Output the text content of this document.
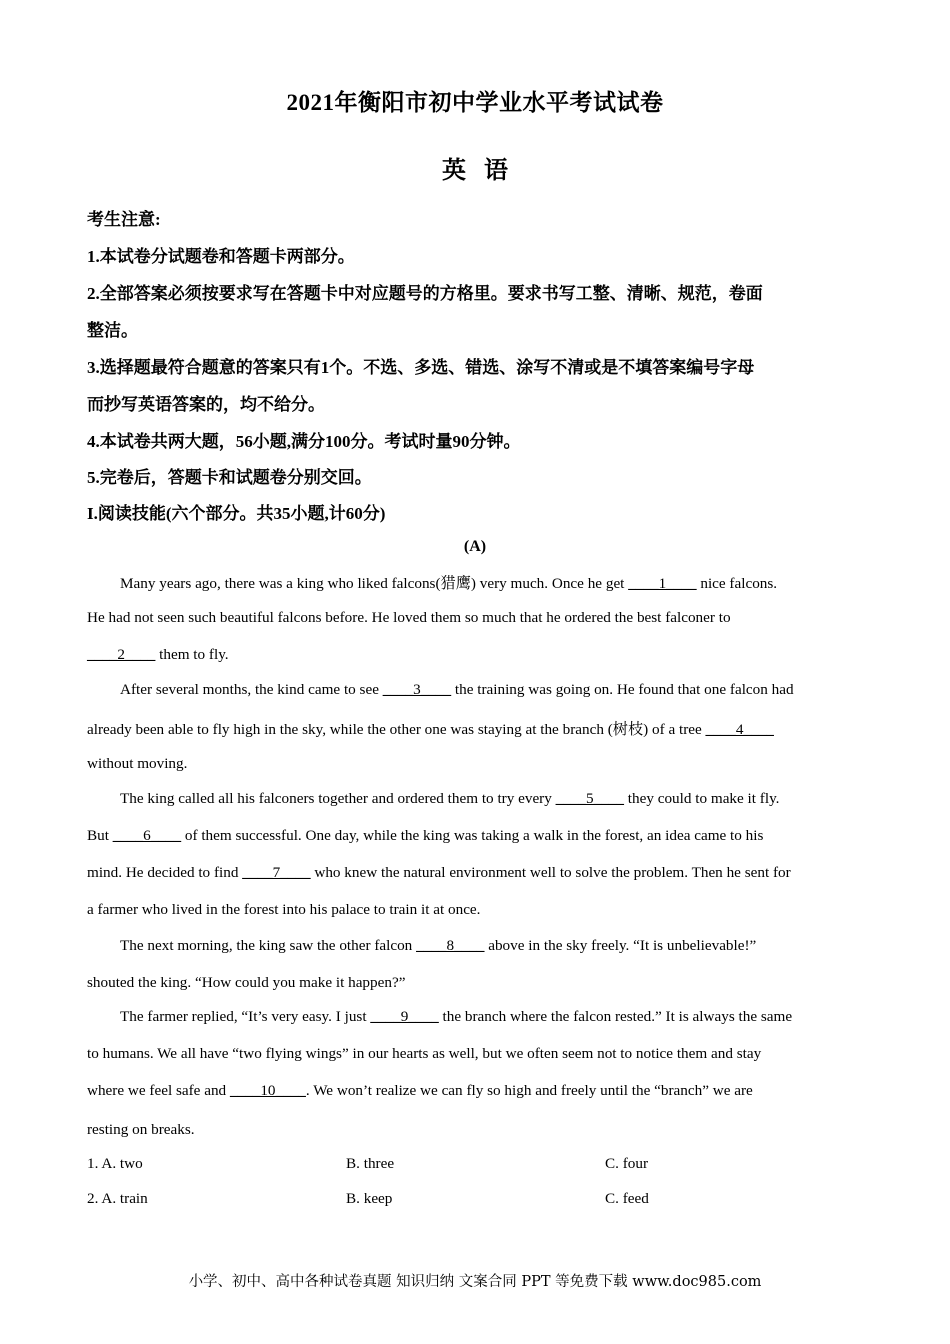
2021年衡阳市初中学业水平考试试卷
英语
考生注意:
1.本试卷分试题卷和答题卡两部分。
2.全部答案必须按要求写在答题卡中对应题号的方格里。要求书写工整、清晰、规范，卷面
整洁。
3.选择题最符合题意的答案只有1个。不选、多选、错选、涂写不清或是不填答案编号字母
而抄写英语答案的，均不给分。
4.本试卷共两大题，56小题,满分100分。考试时量90分钟。
5.完卷后，答题卡和试题卷分别交回。
I.阅读技能(六个部分。共35小题,计60分)
(A)
Many years ago, there was a king who liked falcons(猎鹰) very much. Once he get ____1____ nice falcons.
He had not seen such beautiful falcons before. He loved them so much that he ordered the best falconer to
____2____ them to fly.
After several months, the kind came to see ____3____ the training was going on. He found that one falcon had
already been able to fly high in the sky, while the other one was staying at the branch (树枝) of a tree ____4____
without moving.
The king called all his falconers together and ordered them to try every ____5____ they could to make it fly.
But ____6____ of them successful. One day, while the king was taking a walk in the forest, an idea came to his
mind. He decided to find ____7____ who knew the natural environment well to solve the problem. Then he sent for
a farmer who lived in the forest into his palace to train it at once.
The next morning, the king saw the other falcon ____8____ above in the sky freely. “It is unbelievable!”
shouted the king. “How could you make it happen?”
The farmer replied, “It’s very easy. I just ____9____ the branch where the falcon rested.” It is always the same
to humans. We all have “two flying wings” in our hearts as well, but we often seem not to notice them and stay
where we feel safe and ____10____. We won’t realize we can fly so high and freely until the “branch” we are
resting on breaks.
1. A. two	B. three	C. four
2. A. train	B. keep	C. feed
小学、初中、高中各种试卷真题 知识归纳 文案合同 PPT 等免费下载 www.doc985.com
